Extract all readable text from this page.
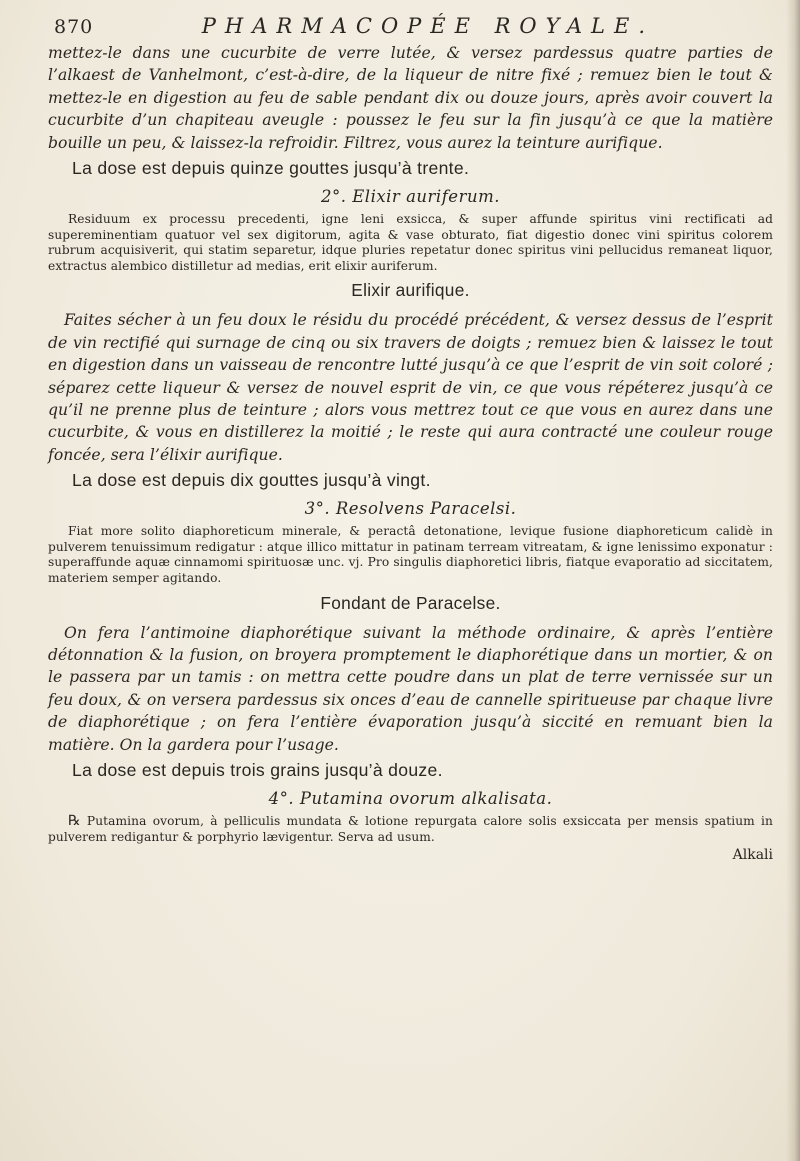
870	PHARMACOPÉE ROYALE.

mettez-le dans une cucurbite de verre lutée, & versez pardessus quatre parties de l’alkaest de Vanhelmont, c’est-à-dire, de la liqueur de nitre fixé ; remuez bien le tout & mettez-le en digestion au feu de sable pendant dix ou douze jours, après avoir couvert la cucurbite d’un chapiteau aveugle : poussez le feu sur la fin jusqu’à ce que la matière bouille un peu, & laissez-la refroidir. Filtrez, vous aurez la teinture aurifique.

La dose est depuis quinze gouttes jusqu’à trente.

2°. Elixir auriferum.

Residuum ex processu precedenti, igne leni exsicca, & super affunde spiritus vini rectificati ad supereminentiam quatuor vel sex digitorum, agita & vase obturato, fiat digestio donec vini spiritus colorem rubrum acquisiverit, qui statim separetur, idque pluries repetatur donec spiritus vini pellucidus remaneat liquor, extractus alembico distilletur ad medias, erit elixir auriferum.

Elixir aurifique.

Faites sécher à un feu doux le résidu du procédé précédent, & versez dessus de l’esprit de vin rectifié qui surnage de cinq ou six travers de doigts ; remuez bien & laissez le tout en digestion dans un vaisseau de rencontre lutté jusqu’à ce que l’esprit de vin soit coloré ; séparez cette liqueur & versez de nouvel esprit de vin, ce que vous répéterez jusqu’à ce qu’il ne prenne plus de teinture ; alors vous mettrez tout ce que vous en aurez dans une cucurbite, & vous en distillerez la moitié ; le reste qui aura contracté une couleur rouge foncée, sera l’élixir aurifique.

La dose est depuis dix gouttes jusqu’à vingt.

3°. Resolvens Paracelsi.

Fiat more solito diaphoreticum minerale, & peractâ detonatione, levique fusione diaphoreticum calidè in pulverem tenuissimum redigatur : atque illico mittatur in patinam terream vitreatam, & igne lenissimo exponatur : superaffunde aquæ cinnamomi spirituosæ unc. vj. Pro singulis diaphoretici libris, fiatque evaporatio ad siccitatem, materiem semper agitando.

Fondant de Paracelse.

On fera l’antimoine diaphorétique suivant la méthode ordinaire, & après l’entière détonnation & la fusion, on broyera promptement le diaphorétique dans un mortier, & on le passera par un tamis : on mettra cette poudre dans un plat de terre vernissée sur un feu doux, & on versera pardessus six onces d’eau de cannelle spiritueuse par chaque livre de diaphorétique ; on fera l’entière évaporation jusqu’à siccité en remuant bien la matière. On la gardera pour l’usage.

La dose est depuis trois grains jusqu’à douze.

4°. Putamina ovorum alkalisata.

℞ Putamina ovorum, à pelliculis mundata & lotione repurgata calore solis exsiccata per mensis spatium in pulverem redigantur & porphyrio lævigentur. Serva ad usum.

Alkali
